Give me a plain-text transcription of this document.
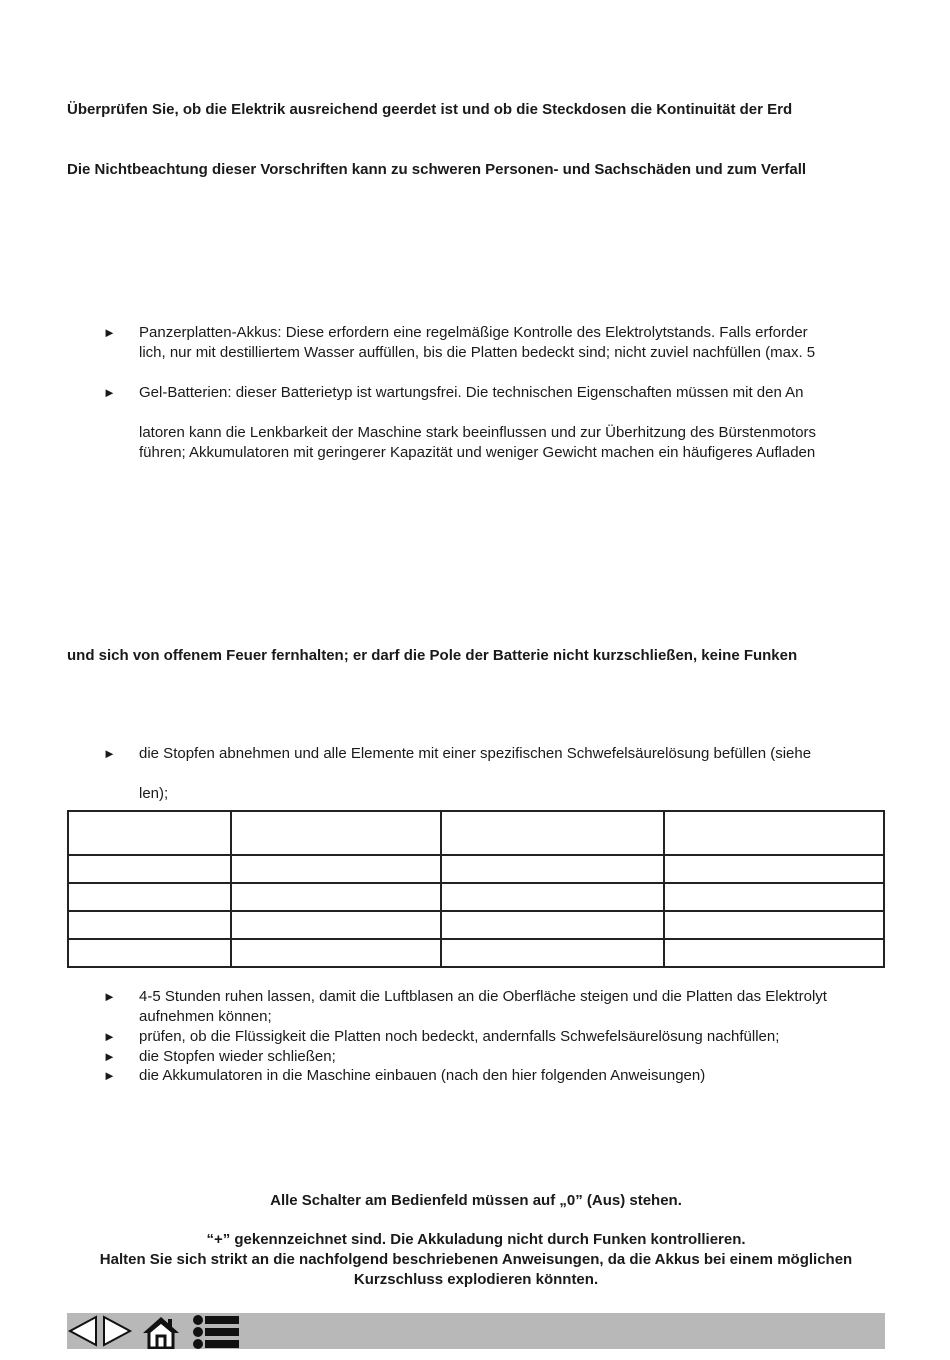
Überprüfen Sie, ob die Elektrik ausreichend geerdet ist und ob die Steckdosen die Kontinuität der Erd
Die Nichtbeachtung dieser Vorschriften kann zu schweren Personen- und Sachschäden und zum Verfall
► Panzerplatten-Akkus: Diese erfordern eine regelmäßige Kontrolle des Elektrolytstands. Falls erforder
lich, nur mit destilliertem Wasser auffüllen, bis die Platten bedeckt sind; nicht zuviel nachfüllen (max. 5
► Gel-Batterien: dieser Batterietyp ist wartungsfrei. Die technischen Eigenschaften müssen mit den An
latoren kann die Lenkbarkeit der Maschine stark beeinflussen und zur Überhitzung des Bürstenmotors
führen; Akkumulatoren mit geringerer Kapazität und weniger Gewicht machen ein häufigeres Aufladen
und sich von offenem Feuer fernhalten; er darf die Pole der Batterie nicht kurzschließen, keine Funken
► die Stopfen abnehmen und alle Elemente mit einer spezifischen Schwefelsäurelösung befüllen (siehe
len);

► 4-5 Stunden ruhen lassen, damit die Luftblasen an die Oberfläche steigen und die Platten das Elektrolyt
aufnehmen können;
► prüfen, ob die Flüssigkeit die Platten noch bedeckt, andernfalls Schwefelsäurelösung nachfüllen;
► die Stopfen wieder schließen;
► die Akkumulatoren in die Maschine einbauen (nach den hier folgenden Anweisungen)
Alle Schalter am Bedienfeld müssen auf „0” (Aus) stehen.
“+” gekennzeichnet sind. Die Akkuladung nicht durch Funken kontrollieren.
Halten Sie sich strikt an die nachfolgend beschriebenen Anweisungen, da die Akkus bei einem möglichen
Kurzschluss explodieren könnten.
